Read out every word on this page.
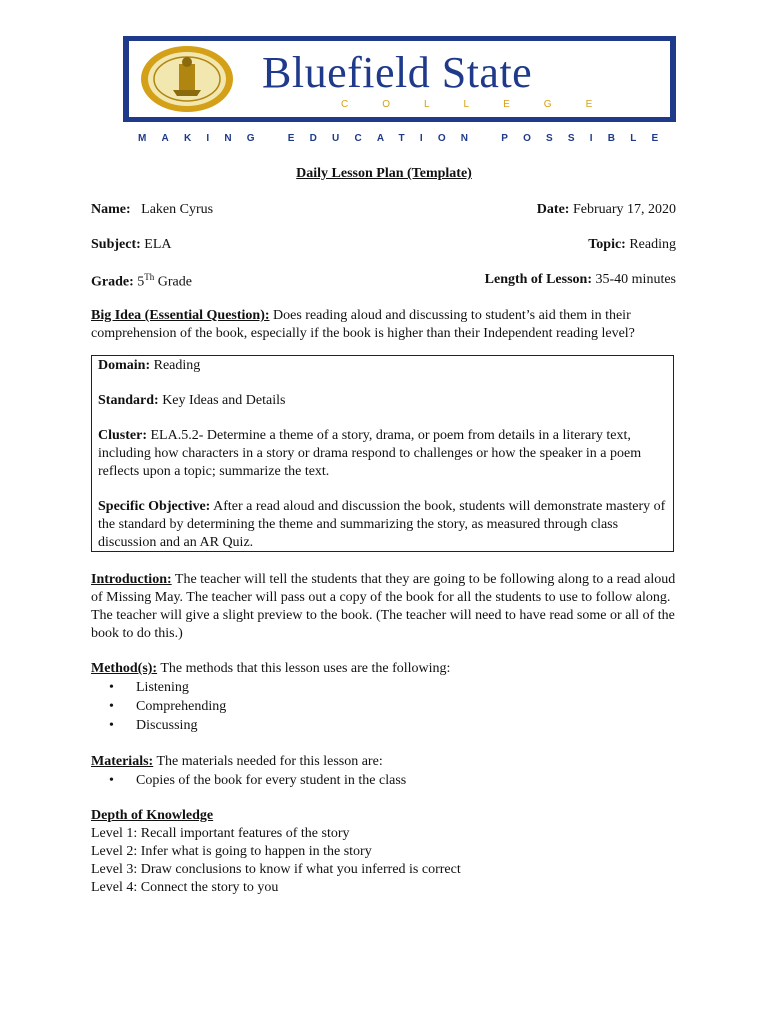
Bluefield State
COLLEGE
MAKING EDUCATION POSSIBLE
Daily Lesson Plan (Template)
Name: Laken Cyrus	Date: February 17, 2020
Subject: ELA	Topic: Reading
Grade: 5Th Grade	Length of Lesson: 35-40 minutes
Big Idea (Essential Question): Does reading aloud and discussing to student’s aid them in their comprehension of the book, especially if the book is higher than their Independent reading level?

Domain: Reading

Standard: Key Ideas and Details

Cluster: ELA.5.2- Determine a theme of a story, drama, or poem from details in a literary text, including how characters in a story or drama respond to challenges or how the speaker in a poem reflects upon a topic; summarize the text.

Specific Objective: After a read aloud and discussion the book, students will demonstrate mastery of the standard by determining the theme and summarizing the story, as measured through class discussion and an AR Quiz.

Introduction: The teacher will tell the students that they are going to be following along to a read aloud of Missing May. The teacher will pass out a copy of the book for all the students to use to follow along. The teacher will give a slight preview to the book. (The teacher will need to have read some or all of the book to do this.)
Method(s): The methods that this lesson uses are the following:
• Listening
• Comprehending
• Discussing
Materials: The materials needed for this lesson are:
• Copies of the book for every student in the class
Depth of Knowledge
Level 1: Recall important features of the story
Level 2: Infer what is going to happen in the story
Level 3: Draw conclusions to know if what you inferred is correct
Level 4: Connect the story to you
